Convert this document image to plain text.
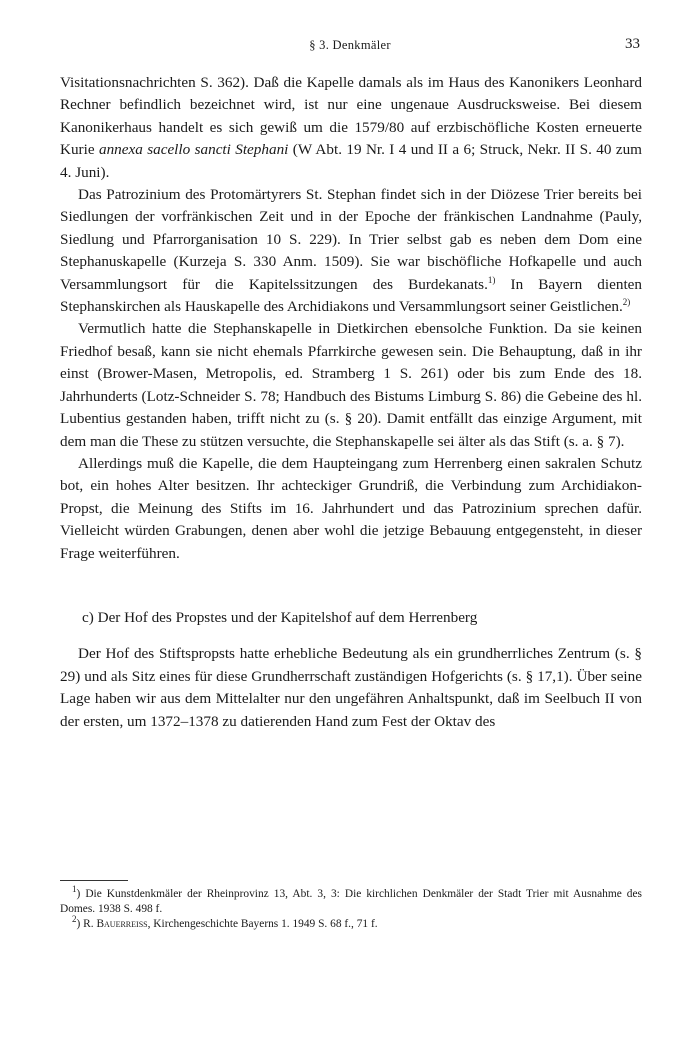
§ 3. Denkmäler	33

Visitationsnachrichten S. 362). Daß die Kapelle damals als im Haus des Kanonikers Leonhard Rechner befindlich bezeichnet wird, ist nur eine ungenaue Ausdrucksweise. Bei diesem Kanonikerhaus handelt es sich gewiß um die 1579/80 auf erzbischöfliche Kosten erneuerte Kurie annexa sacello sancti Stephani (W Abt. 19 Nr. I 4 und II a 6; Struck, Nekr. II S. 40 zum 4. Juni).

Das Patrozinium des Protomärtyrers St. Stephan findet sich in der Diözese Trier bereits bei Siedlungen der vorfränkischen Zeit und in der Epoche der fränkischen Landnahme (Pauly, Siedlung und Pfarrorganisation 10 S. 229). In Trier selbst gab es neben dem Dom eine Stephanuskapelle (Kurzeja S. 330 Anm. 1509). Sie war bischöfliche Hofkapelle und auch Versammlungsort für die Kapitelssitzungen des Burdekanats.$^{1)}$ In Bayern dienten Stephanskirchen als Hauskapelle des Archidiakons und Versammlungsort seiner Geistlichen.$^{2)}$

Vermutlich hatte die Stephanskapelle in Dietkirchen ebensolche Funktion. Da sie keinen Friedhof besaß, kann sie nicht ehemals Pfarrkirche gewesen sein. Die Behauptung, daß in ihr einst (Brower-Masen, Metropolis, ed. Stramberg 1 S. 261) oder bis zum Ende des 18. Jahrhunderts (Lotz-Schneider S. 78; Handbuch des Bistums Limburg S. 86) die Gebeine des hl. Lubentius gestanden haben, trifft nicht zu (s. § 20). Damit entfällt das einzige Argument, mit dem man die These zu stützen versuchte, die Stephanskapelle sei älter als das Stift (s. a. § 7).

Allerdings muß die Kapelle, die dem Haupteingang zum Herrenberg einen sakralen Schutz bot, ein hohes Alter besitzen. Ihr achteckiger Grundriß, die Verbindung zum Archidiakon-Propst, die Meinung des Stifts im 16. Jahrhundert und das Patrozinium sprechen dafür. Vielleicht würden Grabungen, denen aber wohl die jetzige Bebauung entgegensteht, in dieser Frage weiterführen.

c) Der Hof des Propstes und der Kapitelshof auf dem Herrenberg

Der Hof des Stiftspropsts hatte erhebliche Bedeutung als ein grundherrliches Zentrum (s. § 29) und als Sitz eines für diese Grundherrschaft zuständigen Hofgerichts (s. § 17,1). Über seine Lage haben wir aus dem Mittelalter nur den ungefähren Anhaltspunkt, daß im Seelbuch II von der ersten, um 1372–1378 zu datierenden Hand zum Fest der Oktav des

$^1$) Die Kunstdenkmäler der Rheinprovinz 13, Abt. 3, 3: Die kirchlichen Denkmäler der Stadt Trier mit Ausnahme des Domes. 1938 S. 498 f.

$^2$) R. Bauerreiss, Kirchengeschichte Bayerns 1. 1949 S. 68 f., 71 f.
